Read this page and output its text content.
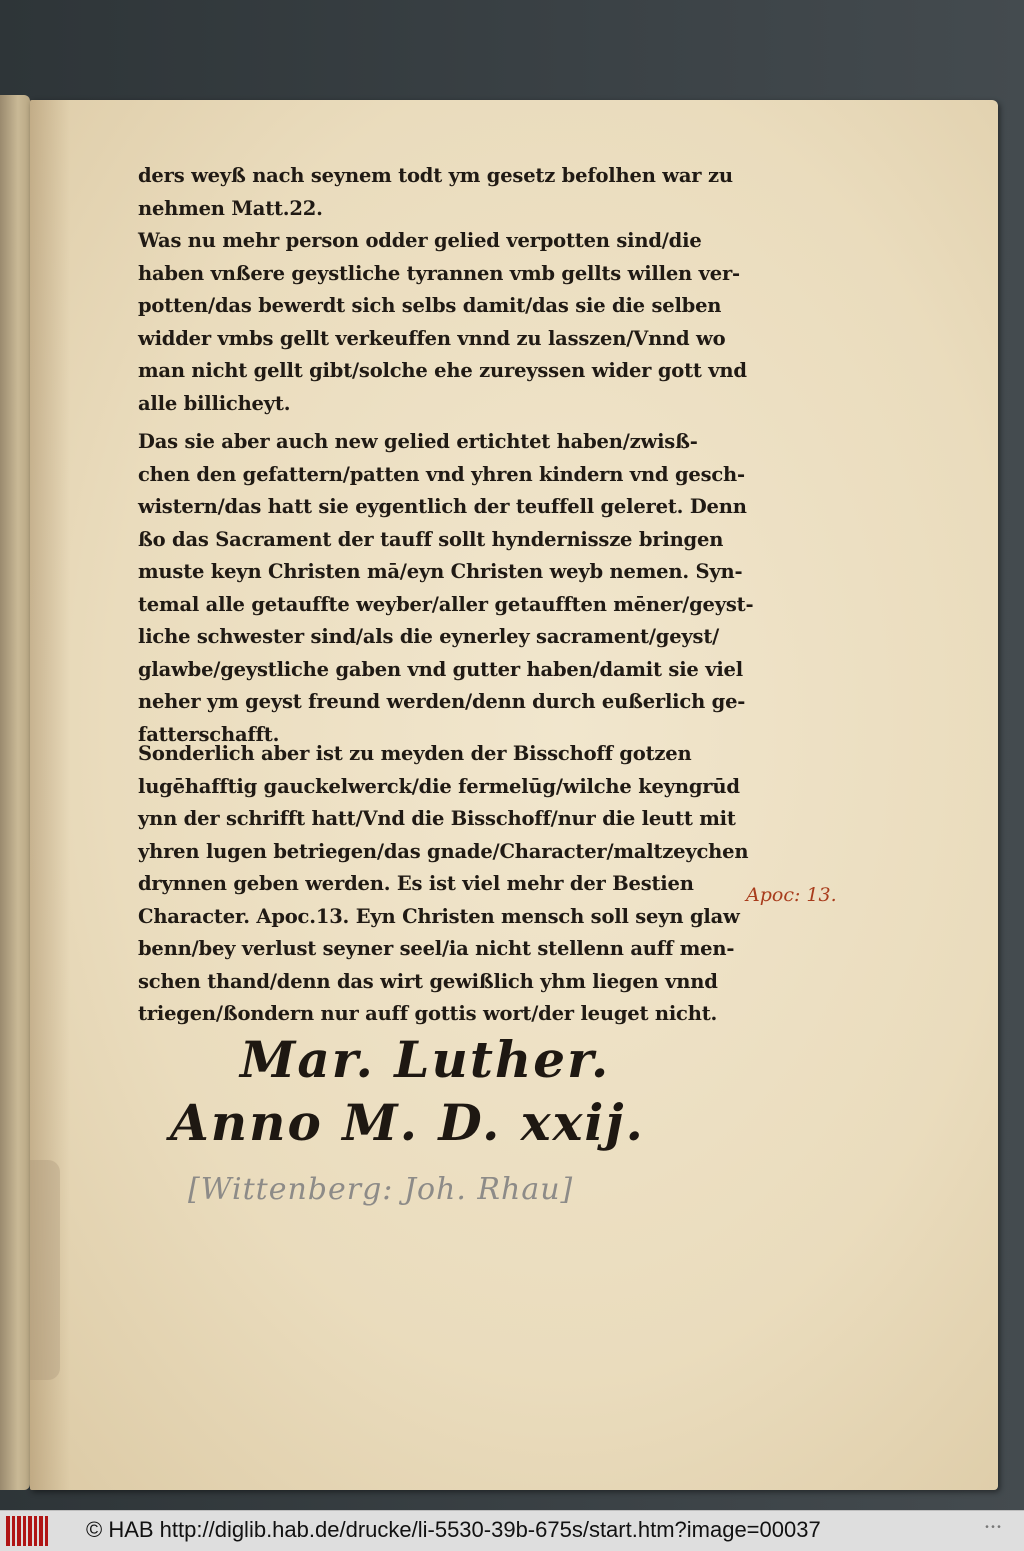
ders weyß nach seynem todt ym gesetz befolhen war zu
nehmen Matt.22.
Was nu mehr person odder gelied verpotten sind/die
haben vnßere geystliche tyrannen vmb gellts willen ver-
potten/das bewerdt sich selbs damit/das sie die selben
widder vmbs gellt verkeuffen vnnd zu lasszen/Vnnd wo
man nicht gellt gibt/solche ehe zureyssen wider gott vnd
alle billicheyt.
Das sie aber auch new gelied ertichtet haben/zwisß-
chen den gefattern/patten vnd yhren kindern vnd gesch-
wistern/das hatt sie eygentlich der teuffell geleret. Denn
ßo das Sacrament der tauff sollt hyndernissze bringen
muste keyn Christen mā/eyn Christen weyb nemen. Syn-
temal alle getauffte weyber/aller getaufften mēner/geyst-
liche schwester sind/als die eynerley sacrament/geyst/
glawbe/geystliche gaben vnd gutter haben/damit sie viel
neher ym geyst freund werden/denn durch eußerlich ge-
fatterschafft.
Sonderlich aber ist zu meyden der Bisschoff gotzen
lugēhafftig gauckelwerck/die fermelūg/wilche keyngrūd
ynn der schrifft hatt/Vnd die Bisschoff/nur die leutt mit
yhren lugen betriegen/das gnade/Character/maltzeychen
drynnen geben werden. Es ist viel mehr der Bestien
Character. Apoc.13. Eyn Christen mensch soll seyn glaw
benn/bey verlust seyner seel/ia nicht stellenn auff men-
schen thand/denn das wirt gewißlich yhm liegen vnnd
triegen/ßondern nur auff gottis wort/der leuget nicht.
Apoc: 13.
Mar. Luther.
Anno M. D. xxij.
[Wittenberg: Joh. Rhau]
© HAB http://diglib.hab.de/drucke/li-5530-39b-675s/start.htm?image=00037	•••
